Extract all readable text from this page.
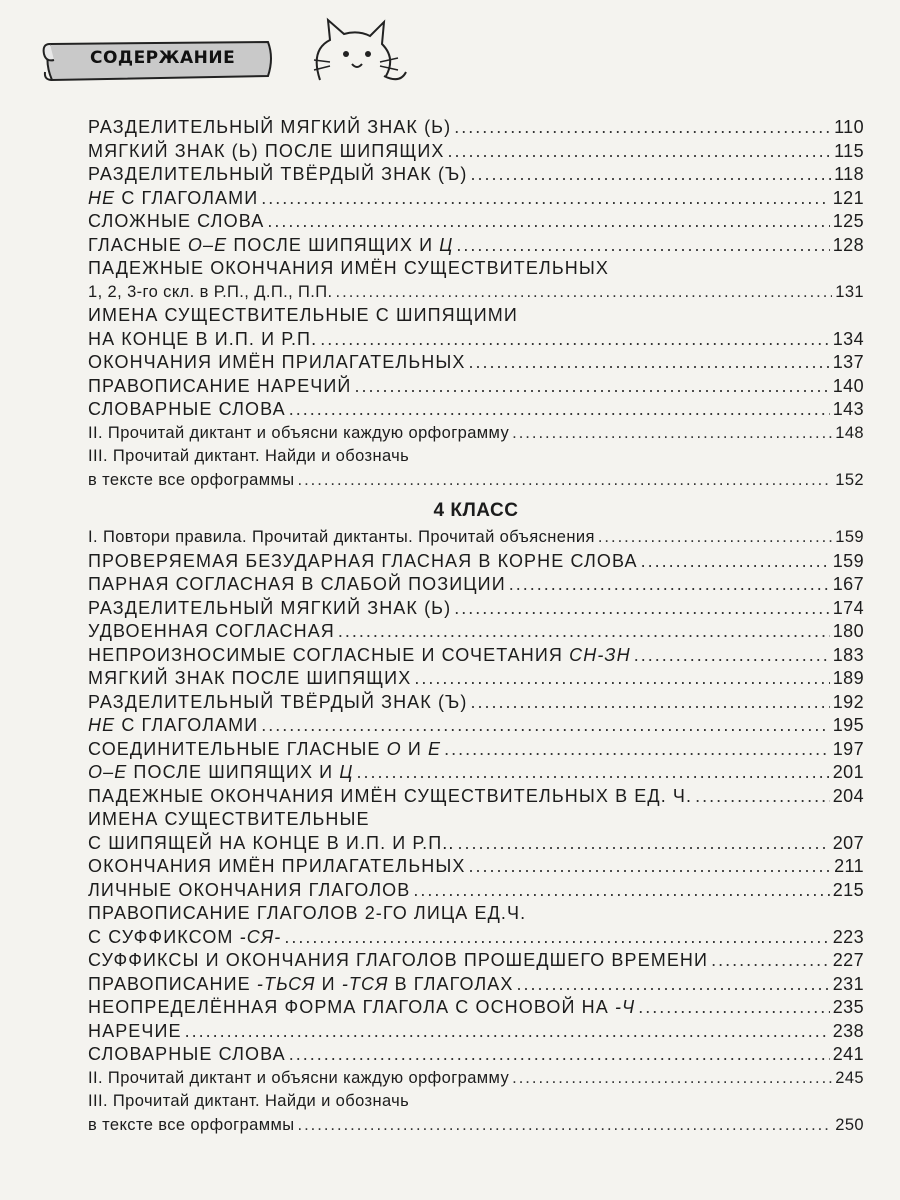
СОДЕРЖАНИЕ
РАЗДЕЛИТЕЛЬНЫЙ МЯГКИЙ ЗНАК (Ь) .....	110
МЯГКИЙ ЗНАК (Ь) ПОСЛЕ ШИПЯЩИХ .....	115
РАЗДЕЛИТЕЛЬНЫЙ ТВЁРДЫЙ ЗНАК (Ъ) .....	118
НЕ С ГЛАГОЛАМИ .....	121
СЛОЖНЫЕ СЛОВА .....	125
ГЛАСНЫЕ О–Е ПОСЛЕ ШИПЯЩИХ И Ц .....	128
ПАДЕЖНЫЕ ОКОНЧАНИЯ ИМЁН СУЩЕСТВИТЕЛЬНЫХ
1, 2, 3-го скл. в Р.П., Д.П., П.П. .....	131
ИМЕНА СУЩЕСТВИТЕЛЬНЫЕ С ШИПЯЩИМИ
НА КОНЦЕ В И.П. И Р.П. .....	134
ОКОНЧАНИЯ ИМЁН ПРИЛАГАТЕЛЬНЫХ .....	137
ПРАВОПИСАНИЕ НАРЕЧИЙ .....	140
СЛОВАРНЫЕ СЛОВА .....	143
II. Прочитай диктант и объясни каждую орфограмму .....	148
III. Прочитай диктант. Найди и обозначь
в тексте все орфограммы .....	152
4 КЛАСС
I. Повтори правила. Прочитай диктанты. Прочитай объяснения .....	159
ПРОВЕРЯЕМАЯ БЕЗУДАРНАЯ ГЛАСНАЯ В КОРНЕ СЛОВА .....	159
ПАРНАЯ СОГЛАСНАЯ В СЛАБОЙ ПОЗИЦИИ .....	167
РАЗДЕЛИТЕЛЬНЫЙ МЯГКИЙ ЗНАК (Ь) .....	174
УДВОЕННАЯ СОГЛАСНАЯ .....	180
НЕПРОИЗНОСИМЫЕ СОГЛАСНЫЕ И СОЧЕТАНИЯ СН-ЗН .....	183
МЯГКИЙ ЗНАК ПОСЛЕ ШИПЯЩИХ .....	189
РАЗДЕЛИТЕЛЬНЫЙ ТВЁРДЫЙ ЗНАК (Ъ) .....	192
НЕ С ГЛАГОЛАМИ .....	195
СОЕДИНИТЕЛЬНЫЕ ГЛАСНЫЕ О И Е .....	197
О–Е ПОСЛЕ ШИПЯЩИХ И Ц .....	201
ПАДЕЖНЫЕ ОКОНЧАНИЯ ИМЁН СУЩЕСТВИТЕЛЬНЫХ В ЕД. Ч. .....	204
ИМЕНА СУЩЕСТВИТЕЛЬНЫЕ
С ШИПЯЩЕЙ НА КОНЦЕ В И.П. И Р.П.. .....	207
ОКОНЧАНИЯ ИМЁН ПРИЛАГАТЕЛЬНЫХ .....	211
ЛИЧНЫЕ ОКОНЧАНИЯ ГЛАГОЛОВ .....	215
ПРАВОПИСАНИЕ ГЛАГОЛОВ 2-ГО ЛИЦА ЕД.Ч.
С СУФФИКСОМ -СЯ- .....	223
СУФФИКСЫ И ОКОНЧАНИЯ ГЛАГОЛОВ ПРОШЕДШЕГО ВРЕМЕНИ .....	227
ПРАВОПИСАНИЕ -ТЬСЯ И -ТСЯ В ГЛАГОЛАХ .....	231
НЕОПРЕДЕЛЁННАЯ ФОРМА ГЛАГОЛА С ОСНОВОЙ НА -Ч .....	235
НАРЕЧИЕ .....	238
СЛОВАРНЫЕ СЛОВА .....	241
II. Прочитай диктант и объясни каждую орфограмму .....	245
III. Прочитай диктант. Найди и обозначь
в тексте все орфограммы .....	250
